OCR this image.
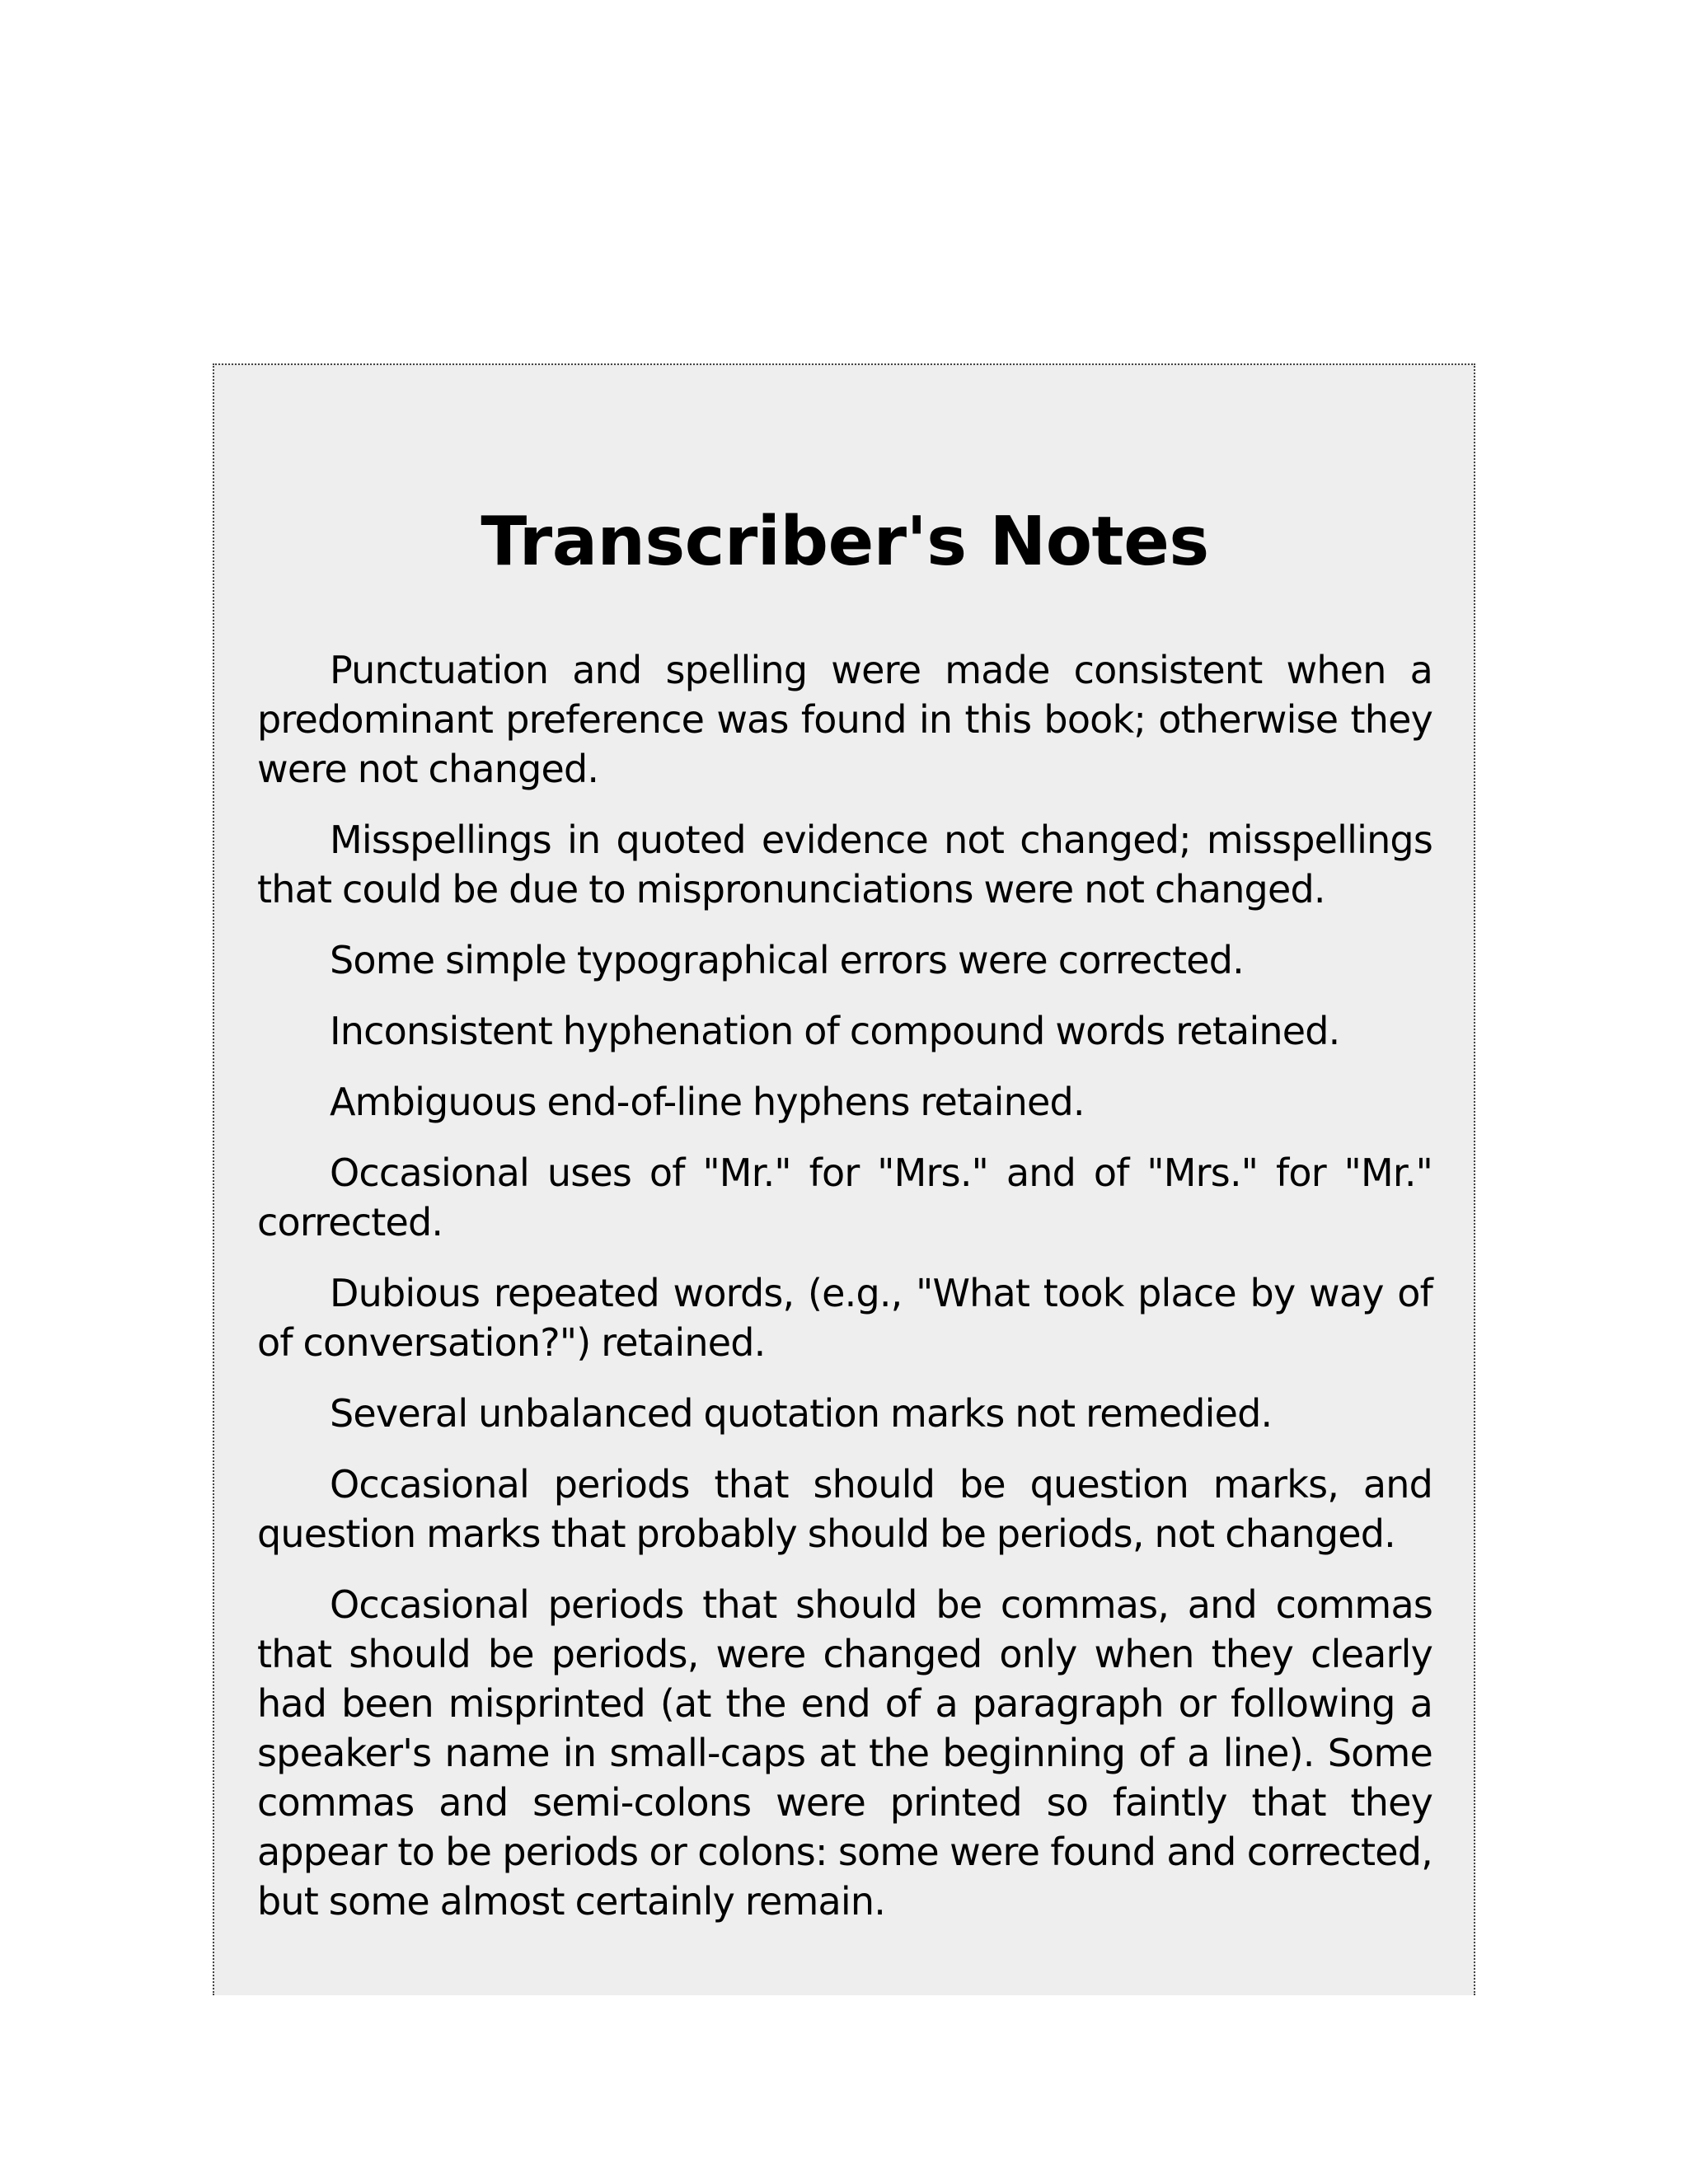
Transcriber's Notes

Punctuation and spelling were made consistent when a predominant preference was found in this book; otherwise they were not changed.

Misspellings in quoted evidence not changed; misspellings that could be due to mispronunciations were not changed.

Some simple typographical errors were corrected.

Inconsistent hyphenation of compound words retained.

Ambiguous end-of-line hyphens retained.

Occasional uses of "Mr." for "Mrs." and of "Mrs." for "Mr." corrected.

Dubious repeated words, (e.g., "What took place by way of of conversation?") retained.

Several unbalanced quotation marks not remedied.

Occasional periods that should be question marks, and question marks that probably should be periods, not changed.

Occasional periods that should be commas, and commas that should be periods, were changed only when they clearly had been misprinted (at the end of a paragraph or following a speaker's name in small-caps at the beginning of a line). Some commas and semi-colons were printed so faintly that they appear to be periods or colons: some were found and corrected, but some almost certainly remain.
